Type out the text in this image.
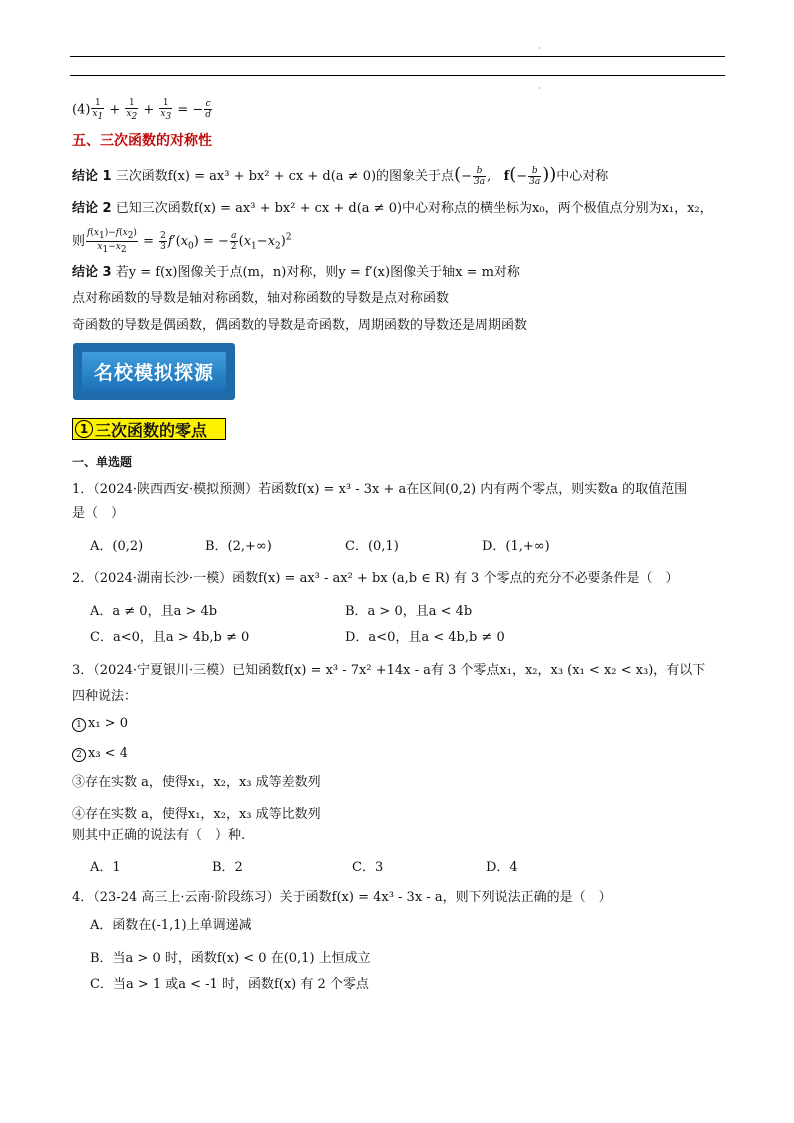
·
·
$(4) \frac{1}{x_1} + \frac{1}{x_2} + \frac{1}{x_3}$ = − $\frac{c}{d}$
五、三次函数的对称性
结论 1 三次函数f(x) = ax³ + bx² + cx + d(a ≠ 0)的图象关于点(− $\frac{b}{3a}$ ,   $f(- \frac{b}{3a}$ ))中心对称
结论 2 已知三次函数f(x) = ax³ + bx² + cx + d(a ≠ 0)中心对称点的横坐标为x₀，两个极值点分别为x₁，x₂，
则 $\frac{f(x_1)-f(x_2)}{x_1-x_2} = \frac{2}{3} f'(x_0)$ = − $\frac{a}{2} (x_1-x_2)^2$
结论 3 若y = f(x)图像关于点(m，n)对称，则y = f′(x)图像关于轴x = m对称
点对称函数的导数是轴对称函数，轴对称函数的导数是点对称函数
奇函数的导数是偶函数，偶函数的导数是奇函数，周期函数的导数还是周期函数
名校模拟探源
1 三次函数的零点
一、单选题
1．（2024·陕西西安·模拟预测）若函数f(x) = x³ - 3x + a在区间(0,2) 内有两个零点，则实数a 的取值范围
是（　）
A．(0,2)	B．(2,+∞)	C．(0,1)	D．(1,+∞)
2．（2024·湖南长沙·一模）函数f(x) = ax³ - ax² + bx (a,b ∈ R) 有 3 个零点的充分不必要条件是（　）
A．a ≠ 0，且a > 4b	B．a > 0，且a < 4b
C．a<0，且a > 4b,b ≠ 0	D．a<0，且a < 4b,b ≠ 0
3．（2024·宁夏银川·三模）已知函数f(x) = x³ - 7x² +14x - a有 3 个零点x₁，x₂，x₃ (x₁ < x₂ < x₃)，有以下
四种说法：
1 x₁ > 0
2 x₃ < 4
③存在实数 a，使得x₁，x₂，x₃ 成等差数列
④存在实数 a，使得x₁，x₂，x₃ 成等比数列
则其中正确的说法有（　）种.
A．1	B．2	C．3	D．4
4．（23-24 高三上·云南·阶段练习）关于函数f(x) = 4x³ - 3x - a，则下列说法正确的是（　）
A．函数在(-1,1)上单调递减
B．当a > 0 时，函数f(x) < 0 在(0,1) 上恒成立
C．当a > 1 或a < -1 时，函数f(x) 有 2 个零点
